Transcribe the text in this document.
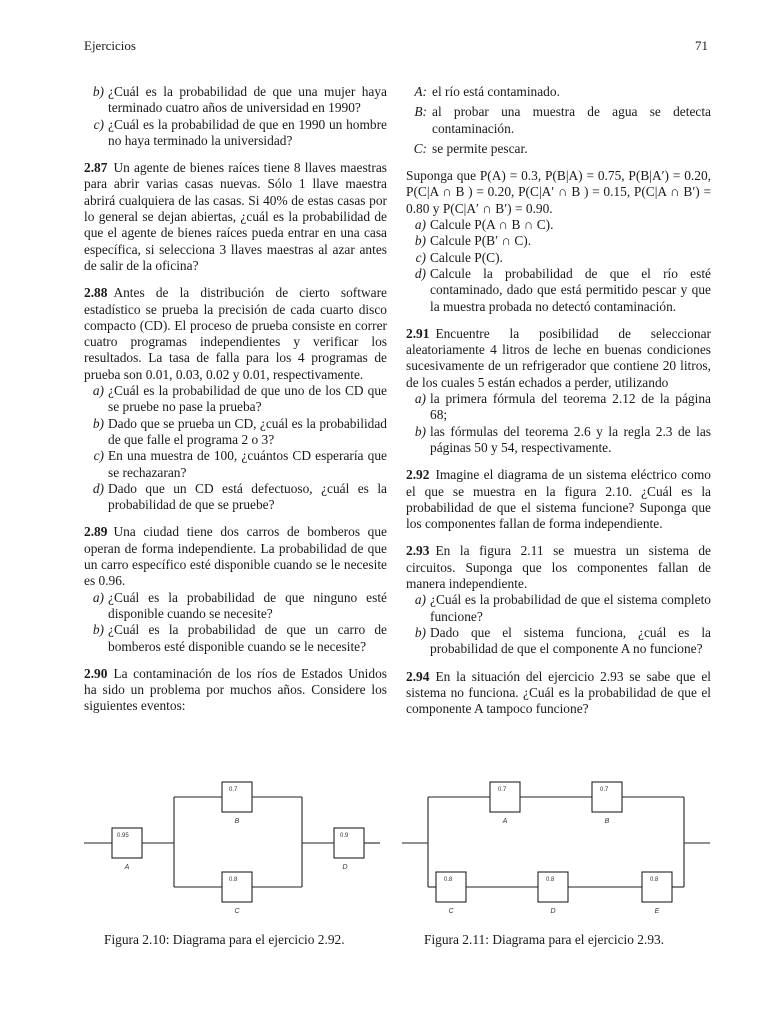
Ejercicios	71
b) ¿Cuál es la probabilidad de que una mujer haya terminado cuatro años de universidad en 1990?
c) ¿Cuál es la probabilidad de que en 1990 un hombre no haya terminado la universidad?

2.87 Un agente de bienes raíces tiene 8 llaves maestras para abrir varias casas nuevas. Sólo 1 llave maestra abrirá cualquiera de las casas. Si 40% de estas casas por lo general se dejan abiertas, ¿cuál es la probabilidad de que el agente de bienes raíces pueda entrar en una casa específica, si selecciona 3 llaves maestras al azar antes de salir de la oficina?

2.88 Antes de la distribución de cierto software estadístico se prueba la precisión de cada cuarto disco compacto (CD). El proceso de prueba consiste en correr cuatro programas independientes y verificar los resultados. La tasa de falla para los 4 programas de prueba son 0.01, 0.03, 0.02 y 0.01, respectivamente.

a) ¿Cuál es la probabilidad de que uno de los CD que se pruebe no pase la prueba?
b) Dado que se prueba un CD, ¿cuál es la probabilidad de que falle el programa 2 o 3?
c) En una muestra de 100, ¿cuántos CD esperaría que se rechazaran?
d) Dado que un CD está defectuoso, ¿cuál es la probabilidad de que se pruebe?

2.89 Una ciudad tiene dos carros de bomberos que operan de forma independiente. La probabilidad de que un carro específico esté disponible cuando se le necesite es 0.96.

a) ¿Cuál es la probabilidad de que ninguno esté disponible cuando se necesite?
b) ¿Cuál es la probabilidad de que un carro de bomberos esté disponible cuando se le necesite?

2.90 La contaminación de los ríos de Estados Unidos ha sido un problema por muchos años. Considere los siguientes eventos:

A: el río está contaminado.
B: al probar una muestra de agua se detecta contaminación.
C: se permite pescar.

Suponga que P(A) = 0.3, P(B|A) = 0.75, P(B|A′) = 0.20, P(C|A ∩ B ) = 0.20, P(C|A′ ∩ B ) = 0.15, P(C|A ∩ B′) = 0.80 y P(C|A′ ∩ B′) = 0.90.

a) Calcule P(A ∩ B ∩ C).
b) Calcule P(B′ ∩ C).
c) Calcule P(C).
d) Calcule la probabilidad de que el río esté contaminado, dado que está permitido pescar y que la muestra probada no detectó contaminación.

2.91 Encuentre la posibilidad de seleccionar aleatoriamente 4 litros de leche en buenas condiciones sucesivamente de un refrigerador que contiene 20 litros, de los cuales 5 están echados a perder, utilizando

a) la primera fórmula del teorema 2.12 de la página 68;
b) las fórmulas del teorema 2.6 y la regla 2.3 de las páginas 50 y 54, respectivamente.

2.92 Imagine el diagrama de un sistema eléctrico como el que se muestra en la figura 2.10. ¿Cuál es la probabilidad de que el sistema funcione? Suponga que los componentes fallan de forma independiente.

2.93 En la figura 2.11 se muestra un sistema de circuitos. Suponga que los componentes fallan de manera independiente.

a) ¿Cuál es la probabilidad de que el sistema completo funcione?
b) Dado que el sistema funciona, ¿cuál es la probabilidad de que el componente A no funcione?

2.94 En la situación del ejercicio 2.93 se sabe que el sistema no funciona. ¿Cuál es la probabilidad de que el componente A tampoco funcione?

0.95
A
0.7
B
0.8
C
0.9
D
Figura 2.10: Diagrama para el ejercicio 2.92.
0.7
A
0.7
B
0.8
C
0.8
D
0.8
E
Figura 2.11: Diagrama para el ejercicio 2.93.
